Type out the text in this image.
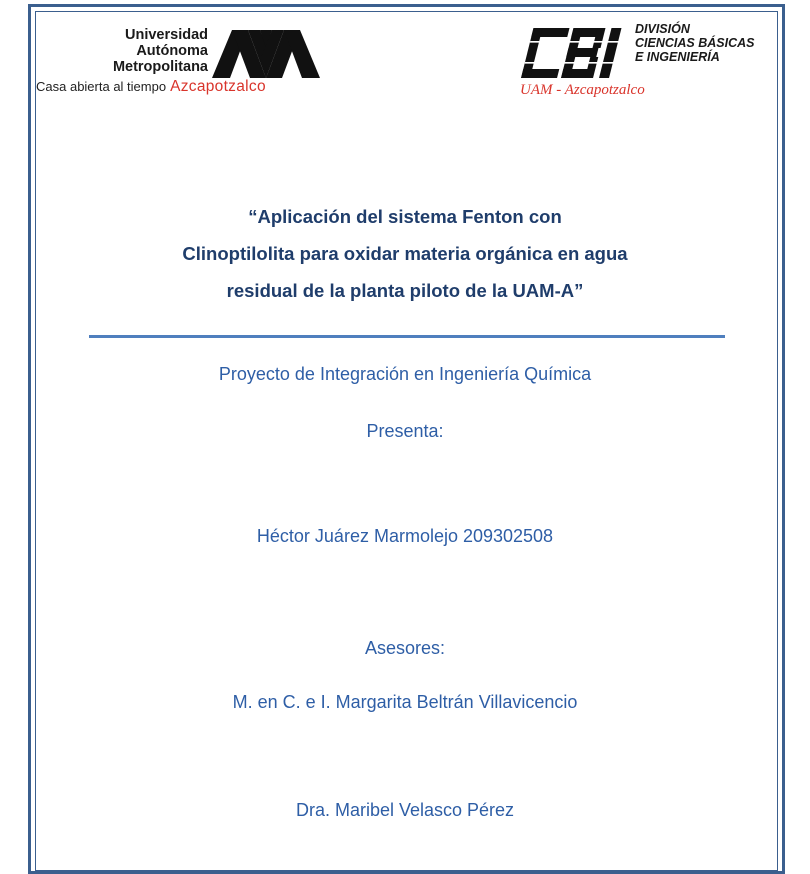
Universidad
Autónoma
Metropolitana
Casa abierta al tiempo Azcapotzalco
DIVISIÓN
CIENCIAS BÁSICAS
E INGENIERÍA
UAM - Azcapotzalco
“Aplicación del sistema Fenton con
Clinoptilolita para oxidar materia orgánica en agua
residual de la planta piloto de la UAM-A”
Proyecto de Integración en Ingeniería Química
Presenta:
Héctor Juárez Marmolejo 209302508
Asesores:
M. en C. e I. Margarita Beltrán Villavicencio
Dra. Maribel Velasco Pérez
